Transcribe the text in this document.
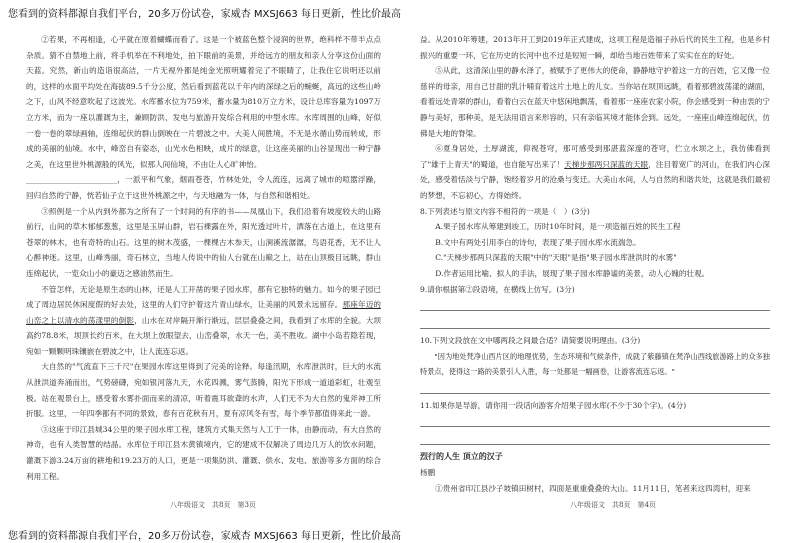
您看到的资料都源自我们平台，20多万份试卷，家威杏 MXSJ663 每日更新，性比价最高

②若果，不再相逢，心平就在原着蝴蝶而看了。这是一个被蓝色整个浸润的世界，绝科样不带半点点杂质。猜不自禁地上前，将手机举在不利地处，拍下眼前的美景，并给远方的朋友和亲人分享这份山面的天蓝。究然，新山的造诣很高洁，一片无视外都是纯金光照明耀着完了不眼睛了，让我住它说明还以前的，这样的水面平均处在海拔89.5千分公度，然后看到蓝花以千年内的深绿之后的蜿蜒，高远的这些山岭之下，山风不经意吹起了这波光。水库蓄水位为759米，蓄水量为810万立方米，设计总库容量为1097万立方米，而为一座以灌溉为主，兼顾防洪、发电与旅游开发综合利用的中型水库。水库周围的山峰，好似一卷一卷的翠绿画轴，连绵起伏的群山倒映在一片碧波之中。大美人间胜境，不无是水循山势而转成，形成的美丽的仙境。水中，峰峦自有姿态，山光水色相映，成片的绿意，让这座美丽的山谷显现出一种宁静之美，在这里世外桃源般的风光，似那人间仙境，不由让人心旷神怡。

________________________，一派平和气象，烟雨苍苍，竹林处处，令人流连，远离了城市的喧嚣浮躁，回归自然的宁静，恍若仙子立于这世外桃源之中，与天地融为一体，与自然和谐相处。

③照例是一个从内到外都为之所有了一个时间的有序的书——凤凰山下，我们沿着有坡度较大的山路前行，山间的草木郁郁葱葱，这里是玉屏山群，岩石裸露在外，阳光透过叶片，洒落在古道上，在这里有苍翠的林木，也有奇特的山石。这里的树木茂盛，一棵棵古木参天，山涧溪流潺潺，鸟语花香，无不让人心醉神迷。这里，山峰秀丽，奇石林立，当地人传说中的仙人台就在山巅之上，站在山顶极目远眺，群山连绵起伏，一览众山小的豪迈之感油然而生。

不管怎样，无论是原生态的山林，还是人工开凿的果子园水库，都有它独特的魅力。如今的果子园已成了周边居民休闲度假的好去处，这里的人们守护着这片青山绿水，让美丽的风景永远留存。那座年迈的山峦之上以清水的荡漾里的倒影，山水在对岸隔开渐行渐远，层层叠叠之间，我看到了水库的全貌。大坝高约78.8米，坝顶长约百米，在大坝上放眼望去，山峦叠翠，水天一色，美不胜收。湖中小岛若隐若现，宛如一颗颗明珠镶嵌在碧波之中，让人流连忘返。

大自然的"气流直下三千尺"在果园水库这里得到了完美的诠释。每逢汛期，水库泄洪时，巨大的水流从泄洪道奔涌而出，气势磅礴，宛如银河落九天，水花四溅，雾气蒸腾，阳光下形成一道道彩虹，壮观至极。站在观景台上，感受着水雾扑面而来的清凉，听着震耳欲聋的水声，人们无不为大自然的鬼斧神工所折服。这里，一年四季都有不同的景致，春有百花秋有月，夏有凉风冬有雪，每个季节都值得来此一游。

③这座于印江县城34公里的果子园水库工程，建筑方式集天然与人工于一体，由静而动，有大自然的神奇，也有人类智慧的结晶。水库位于印江县木黄镇境内，它的建成不仅解决了周边几万人的饮水问题，灌溉下游3.24万亩的耕地和19.23万的人口，更是一项集防洪、灌溉、供水、发电、旅游等多方面的综合利用工程。

益。从2010年筹建，2013年开工到2019年正式建成，这项工程是造福子孙后代的民生工程，也是乡村振兴的重要一环，它在历史的长河中也不过是短短一瞬，却给当地百姓带来了实实在在的好处。

⑤从此，这清深山里的静水泽了，被赋予了更伟大的使命，静静地守护着这一方的百姓，它又像一位慈祥的母亲，用自己甘甜的乳汁哺育着这片土地上的儿女。当你站在坝顶远眺，看着那碧波荡漾的湖面，看着远处青翠的群山，看着白云在蓝天中悠闲地飘荡，看着那一座座农家小院，你会感受到一种由衷的宁静与美好，那种美，是无法用语言来形容的，只有亲临其境才能体会到。远处，一座座山峰连绵起伏，仿佛是大地的脊梁。

⑥夏身居处，土厚湖流，仰视苍穹，那可感受到那湛蓝深邃的苍穹，伫立水坝之上，我仿佛看到了"雄于上青天"的蜀道，也自能写出来了！天梯步那两只深蓝的天眼，注目着宽广的河山，在我们内心深处，感受着恬淡与宁静，饱经着岁月的沧桑与变迁。大美山水间，人与自然的和谐共处，这就是我们最初的梦想，不忘初心，方得始终。

8.下列表述与原文内容不相符的一项是（　）(3分)

A.果子园水库从筹建到竣工，历时10年时间，是一项造福百姓的民生工程

B.文中有两处引用李白的诗句，表现了果子园水库水流湍急。

C."天梯步那两只深蓝的天眼"中的"天眼"是指"果子园水库泄洪时的水雾"

D.作者运用比喻、拟人的手法，展现了果子园水库静谧的美景，动人心魄的壮观。

9.请你根据第②段语境，在横线上仿写。(3分)

10.下列文段放在文中哪两段之间最合适？请简要说明理由。(3分)

"因为地处梵净山西片区的地理优势，生态环境和气候条件，成就了紫藤镇在梵净山西线旅游路上的众多独特景点，使得这一路的美景引人入胜，每一处都是一幅画卷，让游客流连忘返。"

11.如果你是导游，请你用一段话向游客介绍果子园水库(不少于30个字)。(4分)

烈行的人生 顶立的汉子

杨鹏

①贵州省印江县沙子坡镇田树村，四面是重重叠叠的大山。11月11日，笔者来这四湾村，迎来

八年级语文　共8页　第3页	八年级语文　共8页　第4页
您看到的资料都源自我们平台，20多万份试卷，家威杏 MXSJ663 每日更新，性比价最高
